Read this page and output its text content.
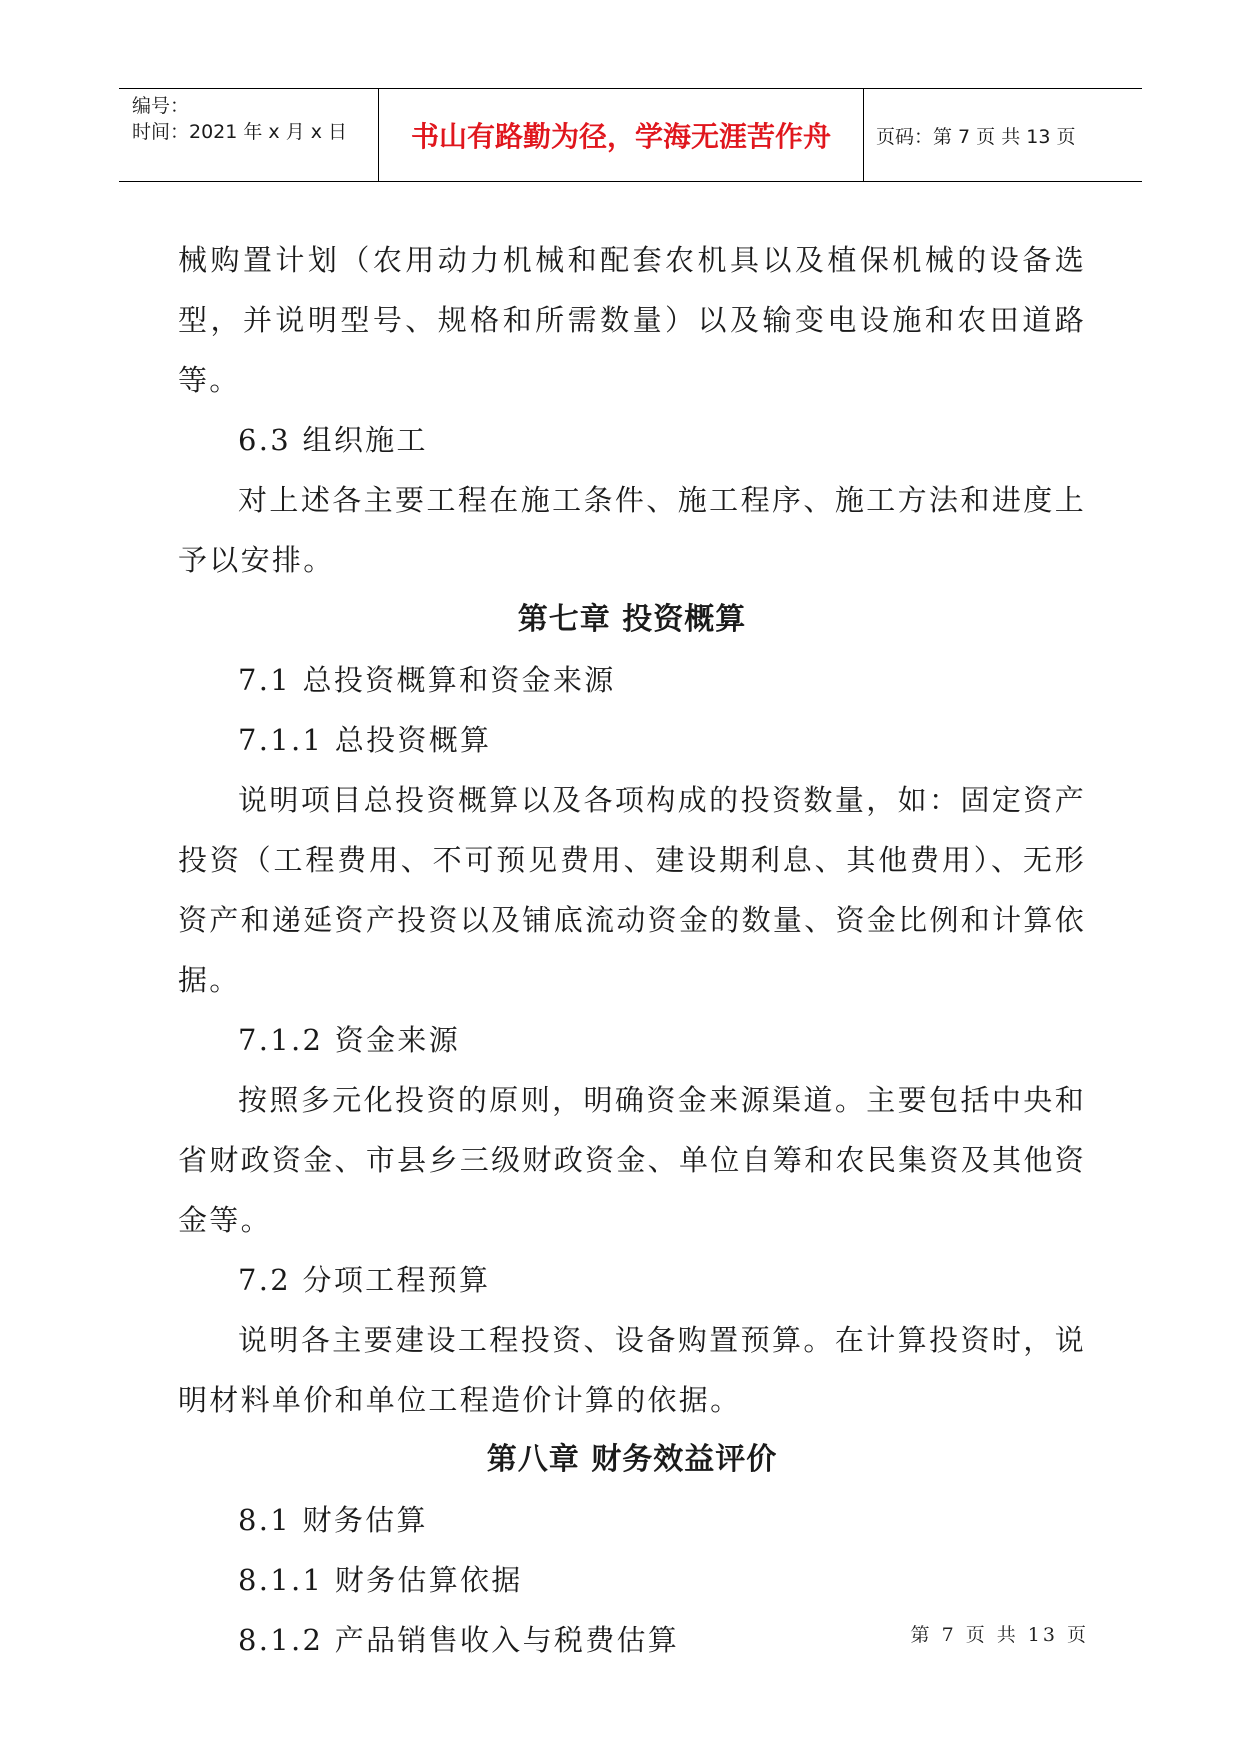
编号：
时间：2021 年 x 月 x 日	书山有路勤为径，学海无涯苦作舟	页码：第 7 页 共 13 页

械购置计划（农用动力机械和配套农机具以及植保机械的设备选型，并说明型号、规格和所需数量）以及输变电设施和农田道路等。

6.3 组织施工

对上述各主要工程在施工条件、施工程序、施工方法和进度上予以安排。

第七章 投资概算

7.1 总投资概算和资金来源

7.1.1 总投资概算

说明项目总投资概算以及各项构成的投资数量，如：固定资产投资（工程费用、不可预见费用、建设期利息、其他费用）、无形资产和递延资产投资以及铺底流动资金的数量、资金比例和计算依据。

7.1.2 资金来源

按照多元化投资的原则，明确资金来源渠道。主要包括中央和省财政资金、市县乡三级财政资金、单位自筹和农民集资及其他资金等。

7.2 分项工程预算

说明各主要建设工程投资、设备购置预算。在计算投资时，说明材料单价和单位工程造价计算的依据。

第八章 财务效益评价

8.1 财务估算

8.1.1 财务估算依据

8.1.2 产品销售收入与税费估算	第 7 页 共 13 页
